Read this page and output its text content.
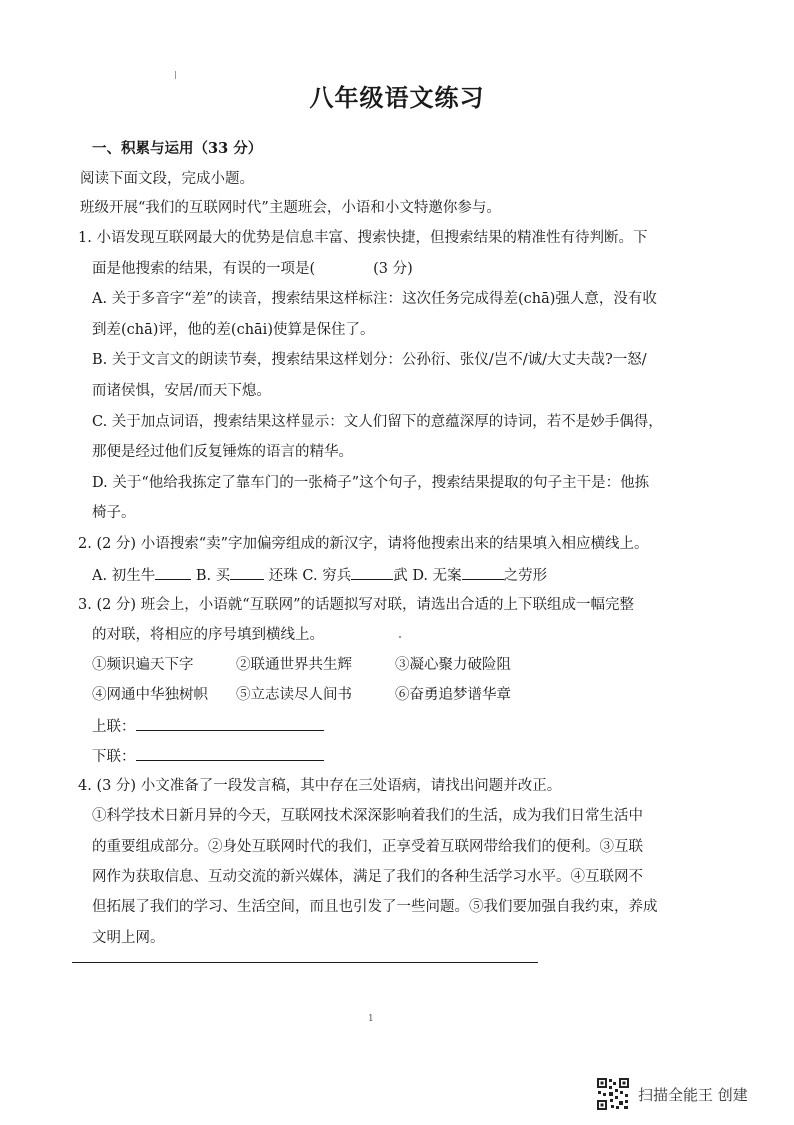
八年级语文练习
一、积累与运用（33 分）
阅读下面文段，完成小题。
班级开展“我们的互联网时代”主题班会，小语和小文特邀你参与。
1. 小语发现互联网最大的优势是信息丰富、搜索快捷，但搜索结果的精准性有待判断。下
面是他搜索的结果，有误的一项是(　　　　(3 分)
A. 关于多音字“差”的读音，搜索结果这样标注：这次任务完成得差(chā)强人意，没有收
到差(chā)评，他的差(chāi)使算是保住了。
B. 关于文言文的朗读节奏，搜索结果这样划分：公孙衍、张仪/岂不/诚/大丈夫哉?一怒/
而诸侯惧，安居/而天下熄。
C. 关于加点词语，搜索结果这样显示：文人们留下的意蕴深厚的诗词，若不是妙手偶得，
那便是经过他们反复锤炼的语言的精华。
D. 关于“他给我拣定了靠车门的一张椅子”这个句子，搜索结果提取的句子主干是：他拣
椅子。
2. (2 分) 小语搜索“卖”字加偏旁组成的新汉字，请将他搜索出来的结果填入相应横线上。
A. 初生牛	B. 买	还珠 C. 穷兵	武 D. 无案	之劳形
3. (2 分) 班会上，小语就“互联网”的话题拟写对联，请选出合适的上下联组成一幅完整
的对联，将相应的序号填到横线上。
①频识遍天下字	②联通世界共生辉	③凝心聚力破险阻
④网通中华独树帜 ⑤立志读尽人间书	⑥奋勇追梦谱华章
上联：
下联：
4. (3 分) 小文准备了一段发言稿，其中存在三处语病，请找出问题并改正。
①科学技术日新月异的今天，互联网技术深深影响着我们的生活，成为我们日常生活中
的重要组成部分。②身处互联网时代的我们，正享受着互联网带给我们的便利。③互联
网作为获取信息、互动交流的新兴媒体，满足了我们的各种生活学习水平。④互联网不
但拓展了我们的学习、生活空间，而且也引发了一些问题。⑤我们要加强自我约束，养成
文明上网。
1
扫描全能王 创建
